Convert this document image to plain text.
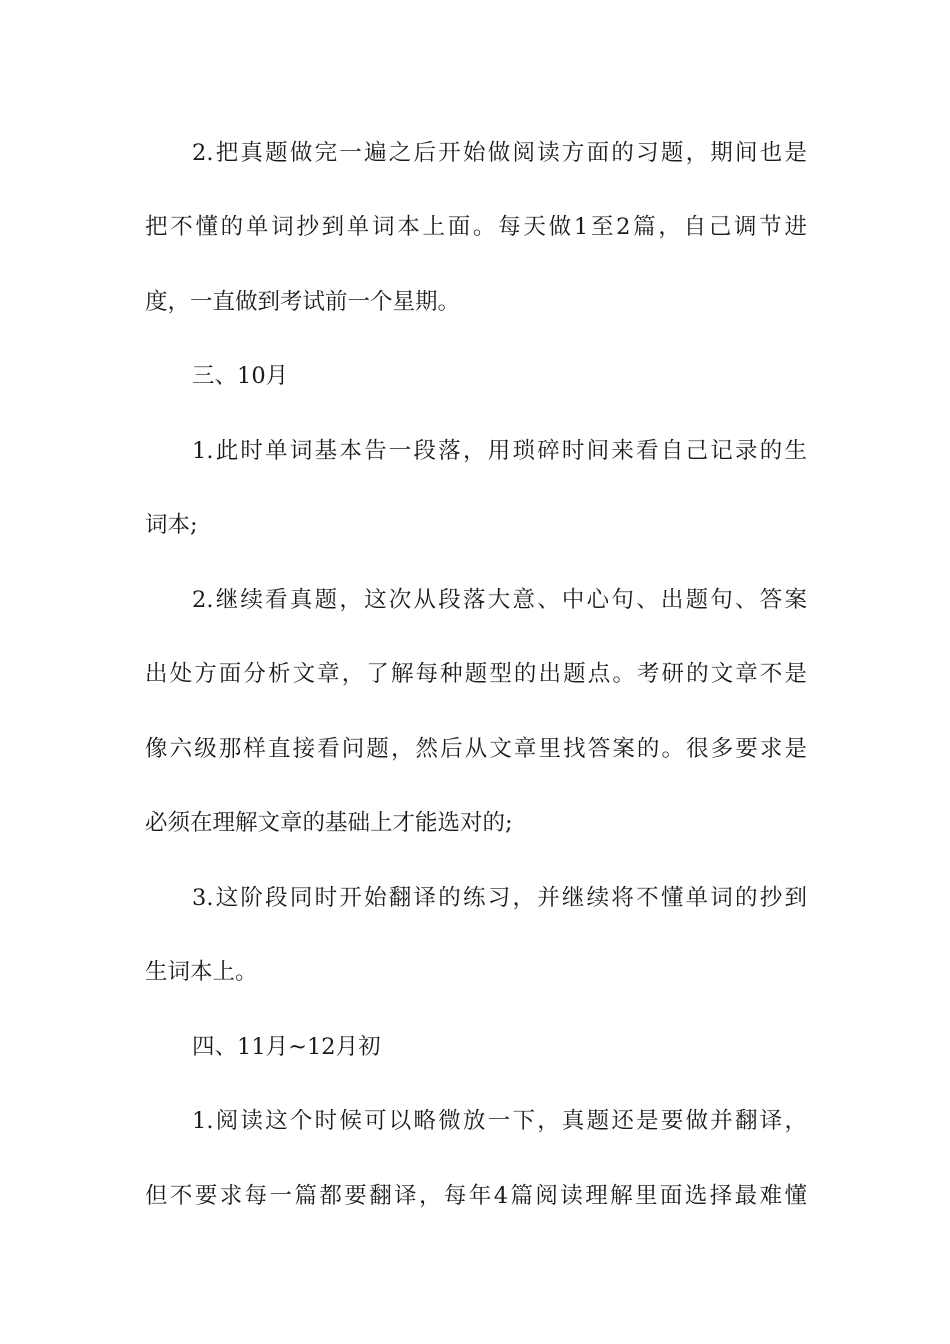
2.把真题做完一遍之后开始做阅读方面的习题，期间也是

把不懂的单词抄到单词本上面。每天做1至2篇，自己调节进

度，一直做到考试前一个星期。

三、10月

1.此时单词基本告一段落，用琐碎时间来看自己记录的生

词本;

2.继续看真题，这次从段落大意、中心句、出题句、答案

出处方面分析文章，了解每种题型的出题点。考研的文章不是

像六级那样直接看问题，然后从文章里找答案的。很多要求是

必须在理解文章的基础上才能选对的;

3.这阶段同时开始翻译的练习，并继续将不懂单词的抄到

生词本上。

四、11月~12月初

1.阅读这个时候可以略微放一下，真题还是要做并翻译，

但不要求每一篇都要翻译，每年4篇阅读理解里面选择最难懂
